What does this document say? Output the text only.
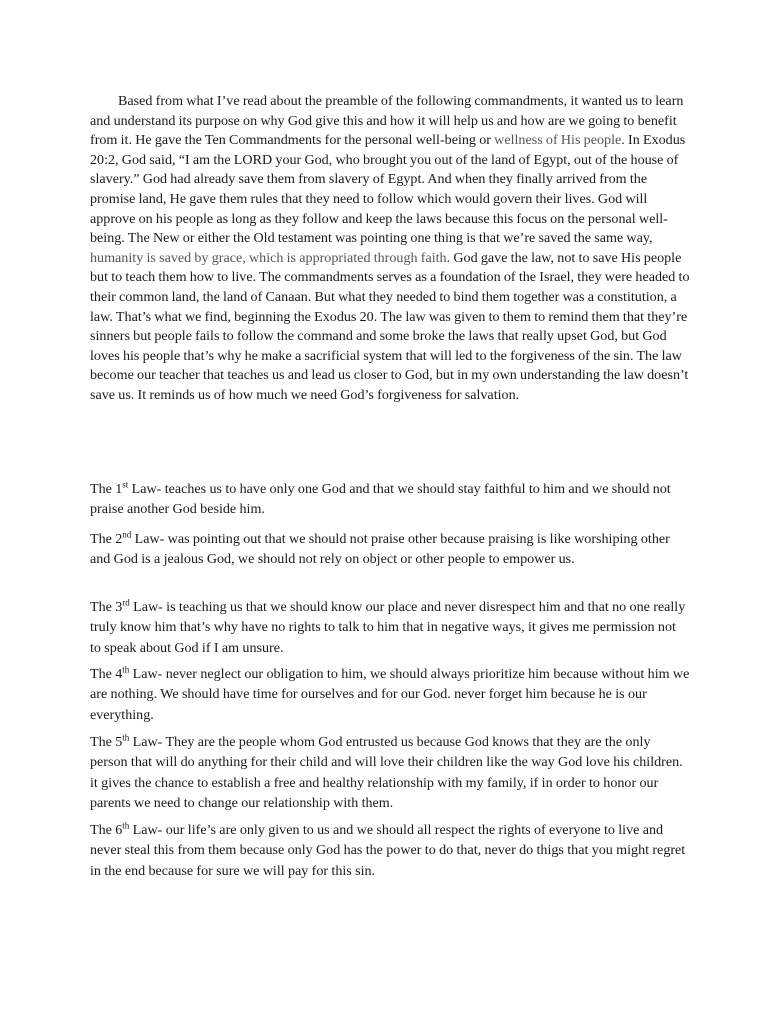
Based from what I’ve read about the preamble of the following commandments, it wanted us to learn and understand its purpose on why God give this and how it will help us and how are we going to benefit from it. He gave the Ten Commandments for the personal well-being or wellness of His people. In Exodus 20:2, God said, “I am the LORD your God, who brought you out of the land of Egypt, out of the house of slavery.” God had already save them from slavery of Egypt. And when they finally arrived from the promise land, He gave them rules that they need to follow which would govern their lives. God will approve on his people as long as they follow and keep the laws because this focus on the personal well-being. The New or either the Old testament was pointing one thing is that we’re saved the same way, humanity is saved by grace, which is appropriated through faith. God gave the law, not to save His people but to teach them how to live. The commandments serves as a foundation of the Israel, they were headed to their common land, the land of Canaan. But what they needed to bind them together was a constitution, a law. That’s what we find, beginning the Exodus 20. The law was given to them to remind them that they’re sinners but people fails to follow the command and some broke the laws that really upset God, but God loves his people that’s why he make a sacrificial system that will led to the forgiveness of the sin. The law become our teacher that teaches us and lead us closer to God, but in my own understanding the law doesn’t save us. It reminds us of how much we need God’s forgiveness for salvation.

The 1st Law- teaches us to have only one God and that we should stay faithful to him and we should not praise another God beside him.

The 2nd Law- was pointing out that we should not praise other because praising is like worshiping other and God is a jealous God, we should not rely on object or other people to empower us.

The 3rd Law- is teaching us that we should know our place and never disrespect him and that no one really truly know him that’s why have no rights to talk to him that in negative ways, it gives me permission not to speak about God if I am unsure.

The 4th Law- never neglect our obligation to him, we should always prioritize him because without him we are nothing. We should have time for ourselves and for our God. never forget him because he is our everything.

The 5th Law- They are the people whom God entrusted us because God knows that they are the only person that will do anything for their child and will love their children like the way God love his children. it gives the chance to establish a free and healthy relationship with my family, if in order to honor our parents we need to change our relationship with them.

The 6th Law- our life’s are only given to us and we should all respect the rights of everyone to live and never steal this from them because only God has the power to do that, never do thigs that you might regret in the end because for sure we will pay for this sin.
